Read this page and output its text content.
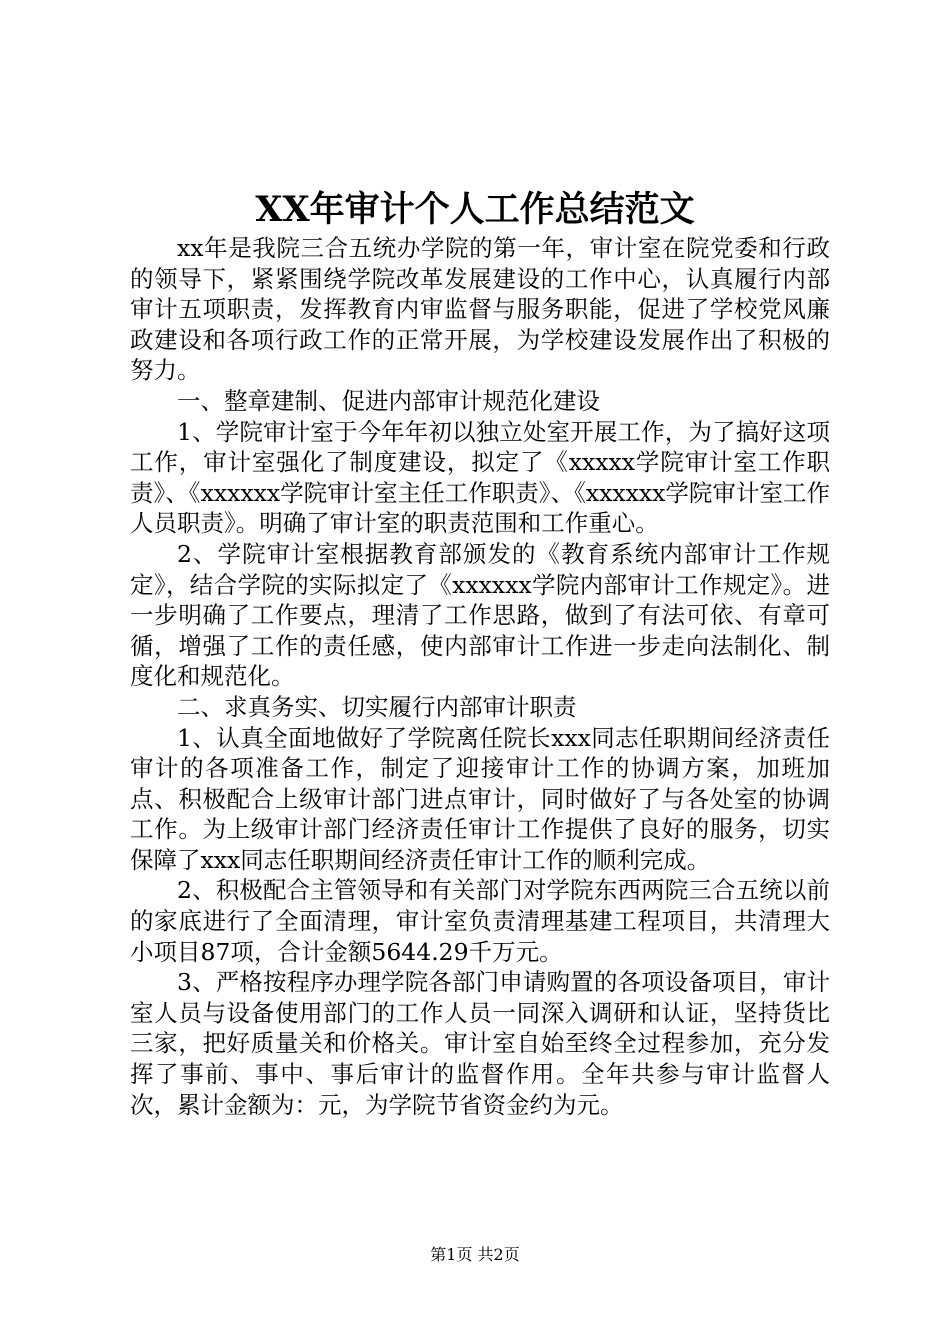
XX年审计个人工作总结范文

xx年是我院三合五统办学院的第一年，审计室在院党委和行政的领导下，紧紧围绕学院改革发展建设的工作中心，认真履行内部审计五项职责，发挥教育内审监督与服务职能，促进了学校党风廉政建设和各项行政工作的正常开展，为学校建设发展作出了积极的努力。

一、整章建制、促进内部审计规范化建设

1、学院审计室于今年年初以独立处室开展工作，为了搞好这项工作，审计室强化了制度建设，拟定了《xxxxx学院审计室工作职责》、《xxxxxx学院审计室主任工作职责》、《xxxxxx学院审计室工作人员职责》。明确了审计室的职责范围和工作重心。

2、学院审计室根据教育部颁发的《教育系统内部审计工作规定》，结合学院的实际拟定了《xxxxxx学院内部审计工作规定》。进一步明确了工作要点，理清了工作思路，做到了有法可依、有章可循，增强了工作的责任感，使内部审计工作进一步走向法制化、制度化和规范化。

二、求真务实、切实履行内部审计职责

1、认真全面地做好了学院离任院长xxx同志任职期间经济责任审计的各项准备工作，制定了迎接审计工作的协调方案，加班加点、积极配合上级审计部门进点审计，同时做好了与各处室的协调工作。为上级审计部门经济责任审计工作提供了良好的服务，切实保障了xxx同志任职期间经济责任审计工作的顺利完成。

2、积极配合主管领导和有关部门对学院东西两院三合五统以前的家底进行了全面清理，审计室负责清理基建工程项目，共清理大小项目87项，合计金额5644.29千万元。

3、严格按程序办理学院各部门申请购置的各项设备项目，审计室人员与设备使用部门的工作人员一同深入调研和认证，坚持货比三家，把好质量关和价格关。审计室自始至终全过程参加，充分发挥了事前、事中、事后审计的监督作用。全年共参与审计监督人次，累计金额为：元，为学院节省资金约为元。

第1页 共2页
